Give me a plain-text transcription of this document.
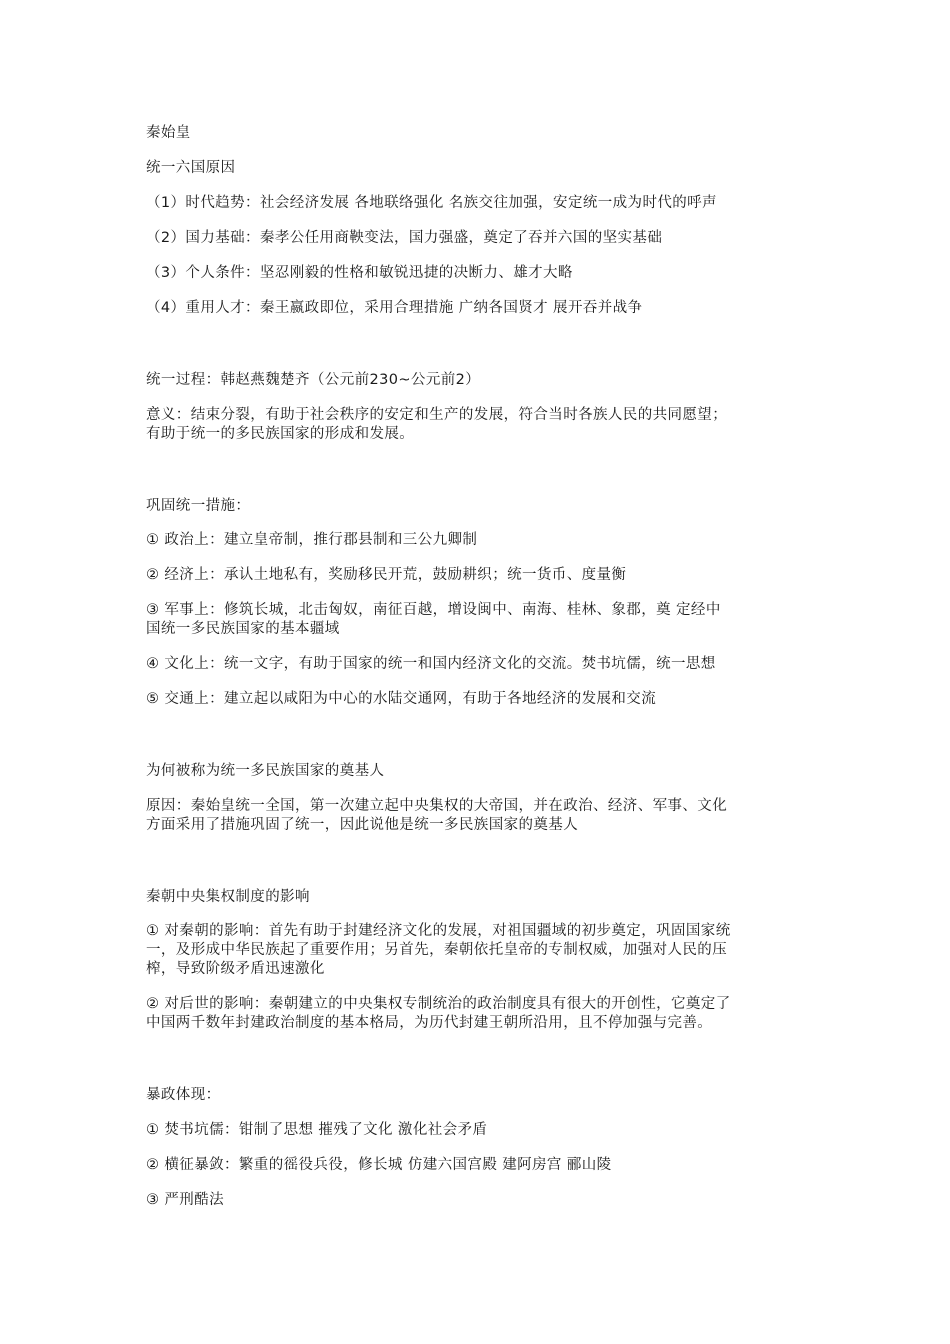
秦始皇
统一六国原因
（1）时代趋势：社会经济发展 各地联络强化 名族交往加强，安定统一成为时代的呼声
（2）国力基础：秦孝公任用商鞅变法，国力强盛，奠定了吞并六国的坚实基础
（3）个人条件：坚忍刚毅的性格和敏锐迅捷的决断力、雄才大略
（4）重用人才：秦王嬴政即位，采用合理措施 广纳各国贤才 展开吞并战争
统一过程：韩赵燕魏楚齐（公元前230~公元前2）
意义：结束分裂，有助于社会秩序的安定和生产的发展，符合当时各族人民的共同愿望；
有助于统一的多民族国家的形成和发展。
巩固统一措施：
① 政治上：建立皇帝制，推行郡县制和三公九卿制
② 经济上：承认土地私有，奖励移民开荒，鼓励耕织；统一货币、度量衡
③ 军事上：修筑长城，北击匈奴，南征百越，增设闽中、南海、桂林、象郡，奠 定经中
国统一多民族国家的基本疆域
④ 文化上：统一文字，有助于国家的统一和国内经济文化的交流。焚书坑儒，统一思想
⑤ 交通上：建立起以咸阳为中心的水陆交通网，有助于各地经济的发展和交流
为何被称为统一多民族国家的奠基人
原因：秦始皇统一全国，第一次建立起中央集权的大帝国，并在政治、经济、军事、文化
方面采用了措施巩固了统一，因此说他是统一多民族国家的奠基人
秦朝中央集权制度的影响
① 对秦朝的影响：首先有助于封建经济文化的发展，对祖国疆域的初步奠定，巩固国家统
一，及形成中华民族起了重要作用；另首先，秦朝依托皇帝的专制权威，加强对人民的压
榨，导致阶级矛盾迅速激化
② 对后世的影响：秦朝建立的中央集权专制统治的政治制度具有很大的开创性，它奠定了
中国两千数年封建政治制度的基本格局，为历代封建王朝所沿用，且不停加强与完善。
暴政体现：
① 焚书坑儒：钳制了思想 摧残了文化 激化社会矛盾
② 横征暴敛：繁重的徭役兵役，修长城 仿建六国宫殿 建阿房宫 郦山陵
③ 严刑酷法
